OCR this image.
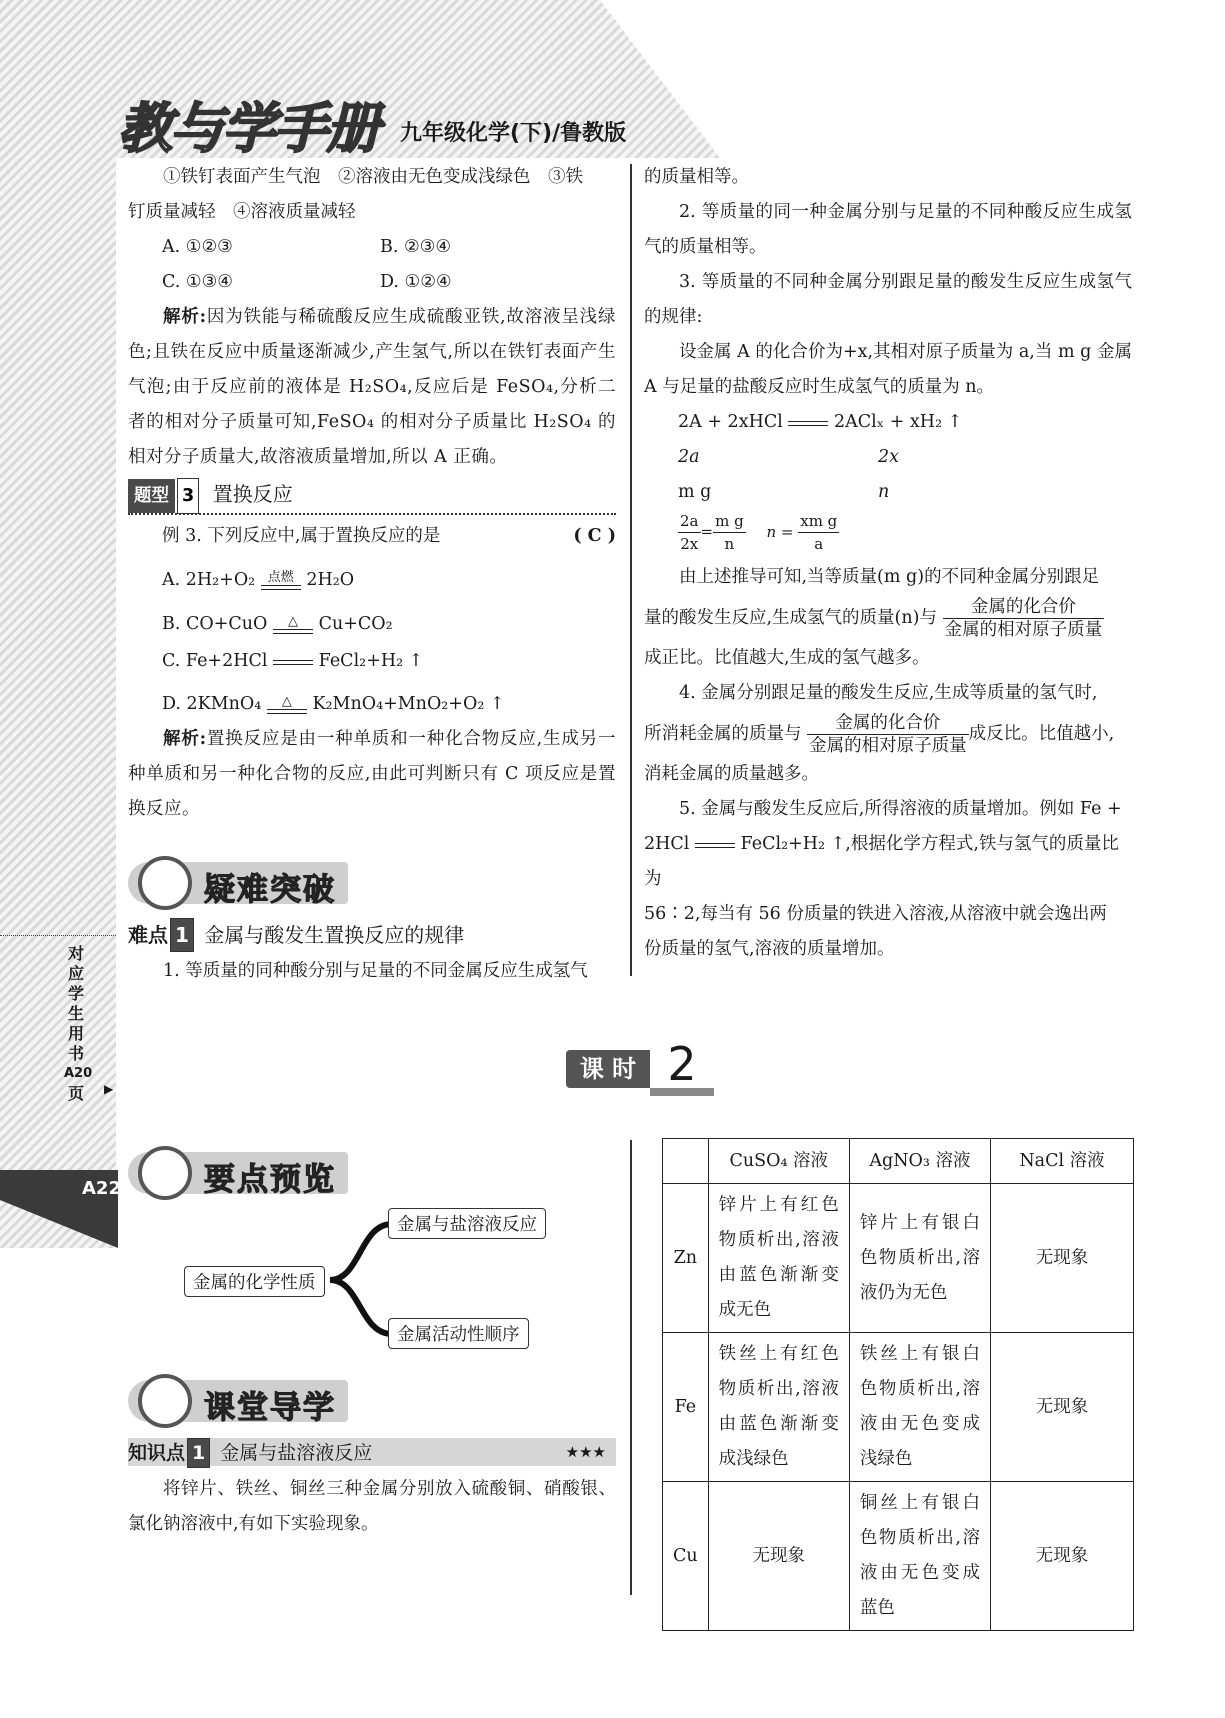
A22
对
应
学
生
用
书
A20
页	▶
教与学手册 九年级化学(下)/鲁教版

①铁钉表面产生气泡　②溶液由无色变成浅绿色　③铁

钉质量减轻　④溶液质量减轻

A. ①②③	B. ②③④
C. ①③④	D. ①②④

解析:因为铁能与稀硫酸反应生成硫酸亚铁,故溶液呈浅绿色;且铁在反应中质量逐渐减少,产生氢气,所以在铁钉表面产生气泡;由于反应前的液体是 H₂SO₄,反应后是 FeSO₄,分析二者的相对分子质量可知,FeSO₄ 的相对分子质量比 H₂SO₄ 的相对分子质量大,故溶液质量增加,所以 A 正确。

题型 3 置换反应
例 3. 下列反应中,属于置换反应的是	( C )
A. 2H₂+O₂ 点燃 2H₂O
B. CO+CuO	△	Cu+CO₂
C. Fe+2HCl	FeCl₂+H₂ ↑
D. 2KMnO₄	△	K₂MnO₄+MnO₂+O₂ ↑

解析:置换反应是由一种单质和一种化合物反应,生成另一种单质和另一种化合物的反应,由此可判断只有 C 项反应是置换反应。

疑难突破
难点 1 金属与酸发生置换反应的规律
1. 等质量的同种酸分别与足量的不同金属反应生成氢气

的质量相等。

2. 等质量的同一种金属分别与足量的不同种酸反应生成氢气的质量相等。

3. 等质量的不同种金属分别跟足量的酸发生反应生成氢气的规律:

设金属 A 的化合价为+x,其相对原子质量为 a,当 m g 金属 A 与足量的盐酸反应时生成氢气的质量为 n。

2A + 2xHCl	2AClₓ + xH₂ ↑
2a	2x
m g	n
$\frac{2a}{2x} = \frac{\text{m g}}{n}$ $n = \frac{\text{xm g}}{a}$

由上述推导可知,当等质量(m g)的不同种金属分别跟足

量的酸发生反应,生成氢气的质量(n)与 $\frac{\text{金属的化合价}}{\text{金属的相对原子质量}}$

成正比。比值越大,生成的氢气越多。

4. 金属分别跟足量的酸发生反应,生成等质量的氢气时,

所消耗金属的质量与 $\frac{\text{金属的化合价}}{\text{金属的相对原子质量}}$ 成反比。比值越小,

消耗金属的质量越多。

5. 金属与酸发生反应后,所得溶液的质量增加。例如 Fe +

2HCl	FeCl₂+H₂ ↑,根据化学方程式,铁与氢气的质量比为

56∶2,每当有 56 份质量的铁进入溶液,从溶液中就会逸出两

份质量的氢气,溶液的质量增加。

课 时 2
要点预览
金属的化学性质
金属与盐溶液反应
金属活动性顺序
课堂导学
知识点 1 金属与盐溶液反应	★★★
将锌片、铁丝、铜丝三种金属分别放入硫酸铜、硝酸银、氯化钠溶液中,有如下实验现象。
	CuSO₄ 溶液	AgNO₃ 溶液	NaCl 溶液
Zn	锌片上有红色物质析出,溶液由蓝色渐渐变成无色	锌片上有银白色物质析出,溶液仍为无色	无现象
Fe	铁丝上有红色物质析出,溶液由蓝色渐渐变成浅绿色	铁丝上有银白色物质析出,溶液由无色变成浅绿色	无现象
Cu	无现象	铜丝上有银白色物质析出,溶液由无色变成蓝色	无现象
